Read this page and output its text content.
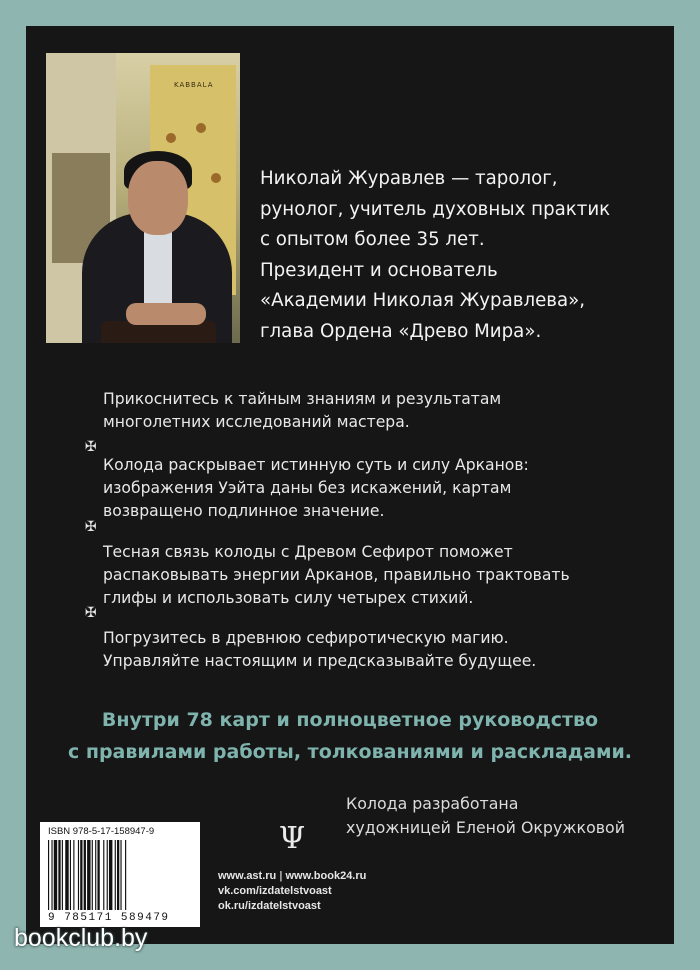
KABBALA
Николай Журавлев — таролог,
рунолог, учитель духовных практик
с опытом более 35 лет.
Президент и основатель
«Академии Николая Журавлева»,
глава Ордена «Древо Мира».
Прикоснитесь к тайным знаниям и результатам
многолетних исследований мастера.
✠
Колода раскрывает истинную суть и силу Арканов:
изображения Уэйта даны без искажений, картам
возвращено подлинное значение.
✠
Тесная связь колоды с Древом Сефирот поможет
распаковывать энергии Арканов, правильно трактовать
глифы и использовать силу четырех стихий.
✠
Погрузитесь в древнюю сефиротическую магию.
Управляйте настоящим и предсказывайте будущее.
Внутри 78 карт и полноцветное руководство
с правилами работы, толкованиями и раскладами.
Колода разработана
художницей Еленой Окружковой
ISBN 978-5-17-158947-9
9 785171 589479
Ψ
www.ast.ru | www.book24.ru
vk.com/izdatelstvoast
ok.ru/izdatelstvoast
bookclub.by
